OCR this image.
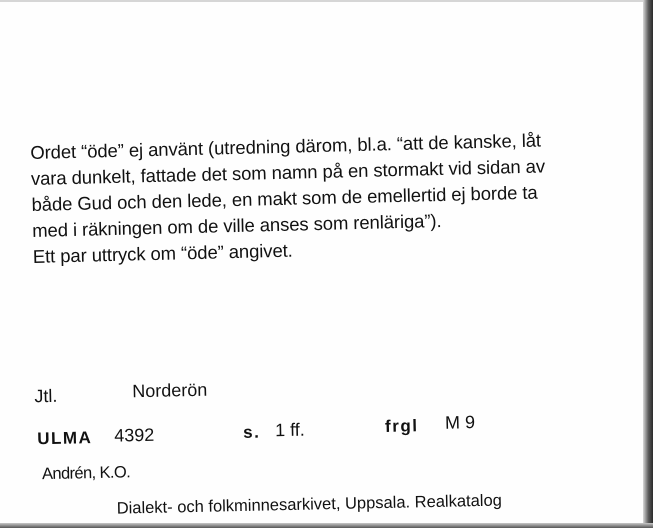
Ordet “öde” ej använt (utredning därom, bl.a. “att de kanske, låt
vara dunkelt, fattade det som namn på en stormakt vid sidan av
både Gud och den lede, en makt som de emellertid ej borde ta
med i räkningen om de ville anses som renläriga”).
Ett par uttryck om “öde” angivet.
Jtl.	Norderön
ULMA 4392	s. 1 ff.	frgl M 9
Andrén, K.O.
Dialekt- och folkminnesarkivet, Uppsala. Realkatalog
